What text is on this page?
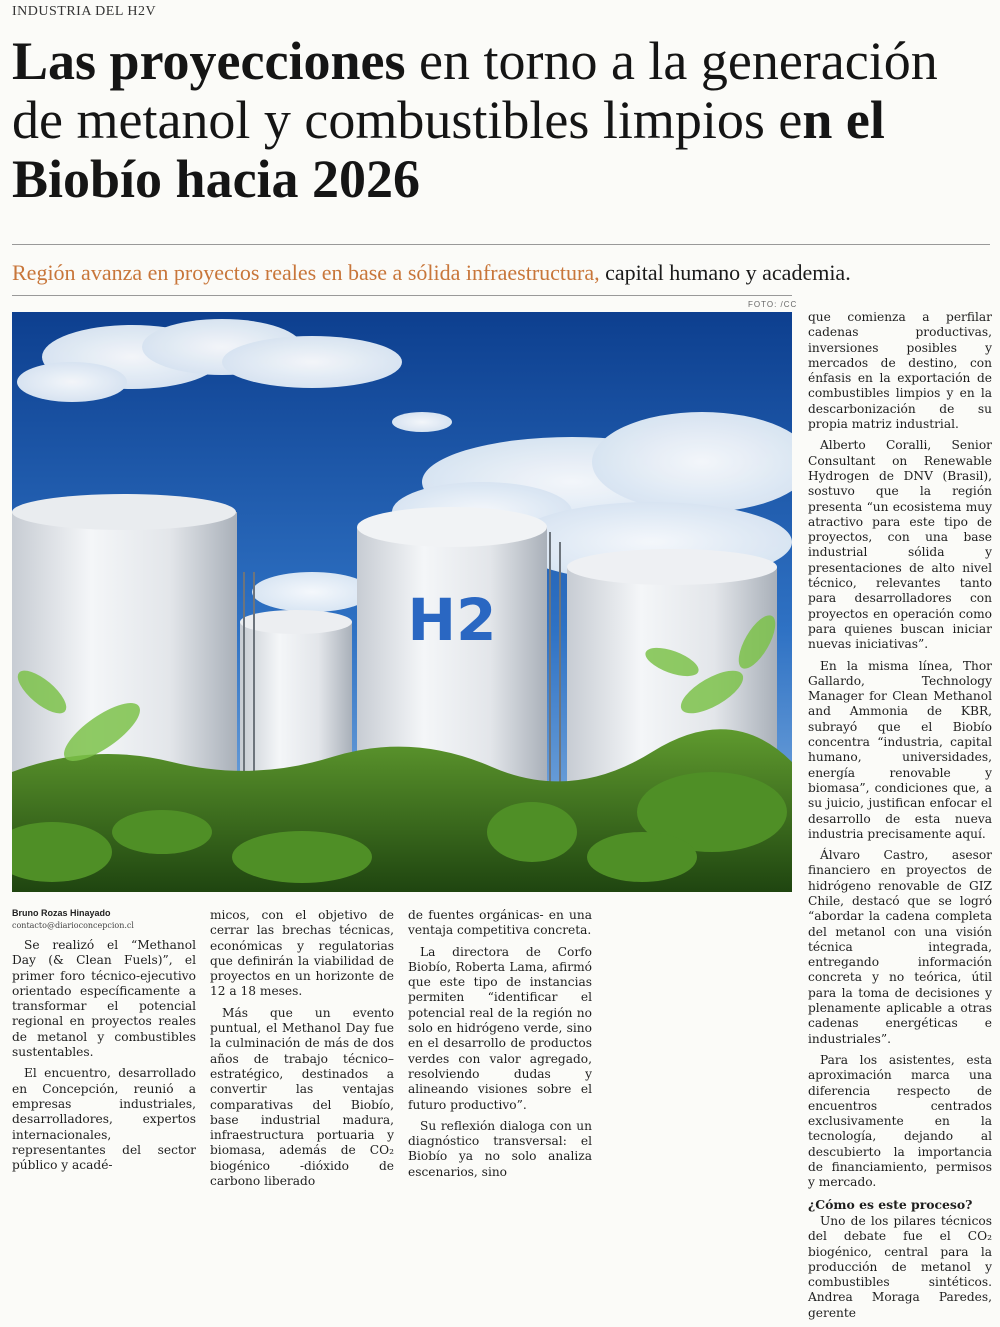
INDUSTRIA DEL H2V
Las proyecciones en torno a la generación de metanol y combustibles limpios en el Biobío hacia 2026
Región avanza en proyectos reales en base a sólida infraestructura, capital humano y academia.
FOTO: /CC
H2
Bruno Rozas Hinayado
contacto@diarioconcepcion.cl

Se realizó el “Methanol Day (& Clean Fuels)”, el primer foro técnico-ejecutivo orientado específicamente a transformar el potencial regional en proyectos reales de metanol y combustibles sustentables.

El encuentro, desarrollado en Concepción, reunió a empresas industriales, desarrolladores, expertos internacionales, representantes del sector público y acadé-

micos, con el objetivo de cerrar las brechas técnicas, económicas y regulatorias que definirán la viabilidad de proyectos en un horizonte de 12 a 18 meses.

Más que un evento puntual, el Methanol Day fue la culminación de más de dos años de trabajo técnico–estratégico, destinados a convertir las ventajas comparativas del Biobío, base industrial madura, infraestructura portuaria y biomasa, además de CO₂ biogénico -dióxido de carbono liberado

de fuentes orgánicas- en una ventaja competitiva concreta.

La directora de Corfo Biobío, Roberta Lama, afirmó que este tipo de instancias permiten “identificar el potencial real de la región no solo en hidrógeno verde, sino en el desarrollo de productos verdes con valor agregado, resolviendo dudas y alineando visiones sobre el futuro productivo”.

Su reflexión dialoga con un diagnóstico transversal: el Biobío ya no solo analiza escenarios, sino

que comienza a perfilar cadenas productivas, inversiones posibles y mercados de destino, con énfasis en la exportación de combustibles limpios y en la descarbonización de su propia matriz industrial.

Alberto Coralli, Senior Consultant on Renewable Hydrogen de DNV (Brasil), sostuvo que la región presenta “un ecosistema muy atractivo para este tipo de proyectos, con una base industrial sólida y presentaciones de alto nivel técnico, relevantes tanto para desarrolladores con proyectos en operación como para quienes buscan iniciar nuevas iniciativas”.

En la misma línea, Thor Gallardo, Technology Manager for Clean Methanol and Ammonia de KBR, subrayó que el Biobío concentra “industria, capital humano, universidades, energía renovable y biomasa”, condiciones que, a su juicio, justifican enfocar el desarrollo de esta nueva industria precisamente aquí.

Álvaro Castro, asesor financiero en proyectos de hidrógeno renovable de GIZ Chile, destacó que se logró “abordar la cadena completa del metanol con una visión técnica integrada, entregando información concreta y no teórica, útil para la toma de decisiones y plenamente aplicable a otras cadenas energéticas e industriales”.

Para los asistentes, esta aproximación marca una diferencia respecto de encuentros centrados exclusivamente en la tecnología, dejando al descubierto la importancia de financiamiento, permisos y mercado.

¿Cómo es este proceso?

Uno de los pilares técnicos del debate fue el CO₂ biogénico, central para la producción de metanol y combustibles sintéticos. Andrea Moraga Paredes, gerente
